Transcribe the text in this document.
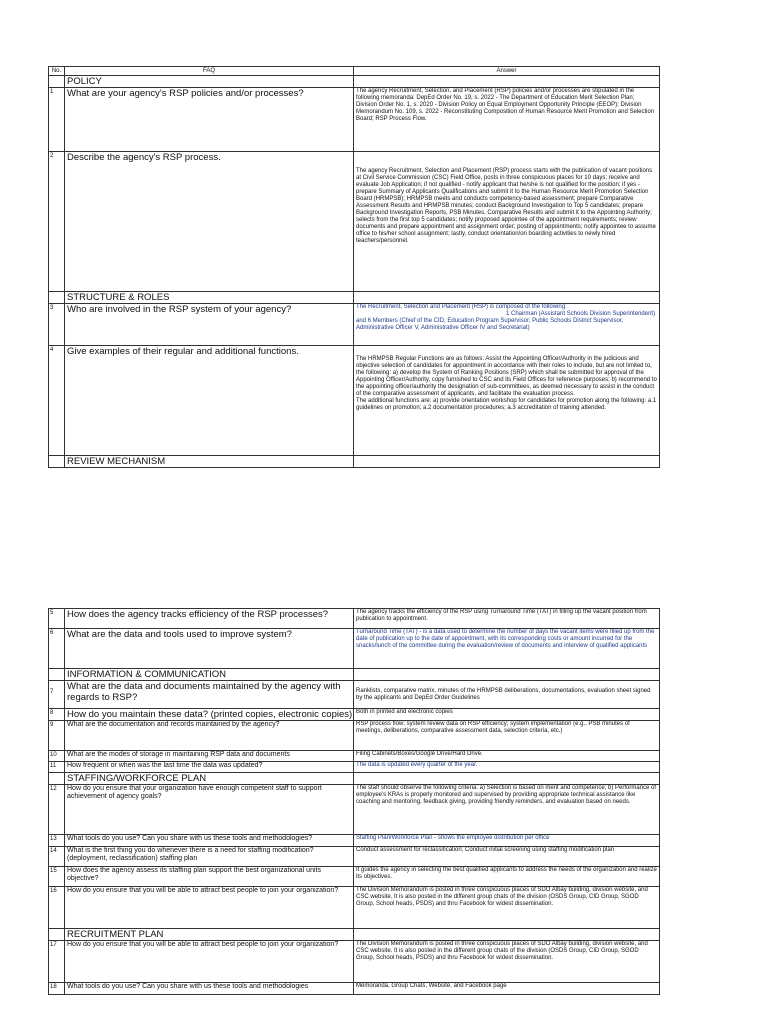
No.	FAQ	Answer
	POLICY	
1	What are your agency's RSP policies and/or processes?	The agency Recruitment, Selection, and Placement (RSP) policies and/or processes are stipulated in the following memoranda: DepEd Order No. 19, s. 2022 - The Department of Education Merit Selection Plan; Division Order No. 1, s. 2020 - Division Policy on Equal Employment Opportunity Principle (EEOP); Division Memorandum No. 109, s. 2022 - Reconstituting Composition of Human Resource Merit Promotion and Selection Board; RSP Process Flow.
2	Describe the agency's RSP process.	The agency Recruitment, Selection and Placement (RSP) process starts with the publication of vacant positions at Civil Service Commission (CSC) Field Office, posts in three conspicuous places for 10 days; receive and evaluate Job Application; if not qualified - notify applicant that he/she is not qualified for the position; if yes - prepare Summary of Applicants Qualifications and submit it to the Human Resource Merit Promotion Selection Board (HRMPSB); HRMPSB meets and conducts competency-based assessment; prepare Comparative Assessment Results and HRMPSB minutes; conduct Background Investigation to Top 5 candidates; prepare Background Investigation Reports, PSB Minutes, Comparative Results and submit it to the Appointing Authority; selects from the first top 5 candidates; notify proposed appointee of the appointment requirements; review documents and prepare appointment and assignment order; posting of appointments; notify appointee to assume office to his/her school assignment; lastly, conduct orientation/on boarding activities to newly hired teachers/personnel.
	STRUCTURE & ROLES	
3	Who are involved in the RSP system of your agency?	The Recruitment, Selection and Placement (RSP) is composed of the following:
1 Chairman (Assistant Schools Division Superintendent) and 6 Members (Chief of the CID, Education Program Supervisor, Public Schools District Supervisor, Administrative Officer V, Administrative Officer IV and Secretariat)

4	Give examples of their regular and additional functions.	The HRMPSB Regular Functions are as follows: Assist the Appointing Officer/Authority in the judicious and objective selection of candidates for appointment in accordance with their roles to include, but are not limited to, the following: a) develop the System of Ranking Positions (SRP) which shall be submitted for approval of the Appointing Officer/Authority, copy furnished to CSC and its Field Offices for reference purposes; b) recommend to the appointing officer/authority the designation of sub-committees, as deemed necessary to assist in the conduct of the comparative assessment of applicants, and facilitate the evaluation process.
The additional functions are: a) provide orientation workshop for candidates for promotion along the following: a.1 guidelines on promotion; a.2 documentation procedures; a.3 accreditation of training attended.

	REVIEW MECHANISM	
5	How does the agency tracks efficiency of the RSP processes?	The agency tracks the efficiency of the RSP using Turnaround Time (TAT) in filling up the vacant position from publication to appointment.
6	What are the data and tools used to improve system?	Turnaround Time (TAT) - is a data used to determine the number of days the vacant items were filled up from the date of publication up to the date of appointment, with its corresponding costs or amount incurred for the snacks/lunch of the committee during the evaluation/review of documents and interview of qualified applicants
	INFORMATION & COMMUNICATION	
7	What are the data and documents maintained by the agency with regards to RSP?	Ranklists, comparative matrix, minutes of the HRMPSB deliberations, documentations, evaluation sheet signed by the applicants and DepEd Order Guidelines
8	How do you maintain these data? (printed copies, electronic copies)	Both in printed and electronic copies
9	What are the documentation and records maintained by the agency?	RSP process flow; system review data on RSP efficiency; system implementation (e.g., PSB minutes of meetings, deliberations, comparative assessment data, selection criteria, etc.)
10	What are the modes of storage in maintaining RSP data and documents	Filing Cabinets/Boxes/Google Drive/Hard Drive.
11	How frequent or when was the last time the data was updated?	The data is updated every quarter of the year.
	STAFFING/WORKFORCE PLAN	
12	How do you ensure that your organization have enough competent staff to support achievement of agency goals?	The staff should observe the following criteria: a) Selection is based on merit and competence; b) Performance of employee's KRAs is properly monitored and supervised by providing appropriate technical assistance like coaching and mentoring, feedback giving, providing friendly reminders, and evaluation based on needs.
13	What tools do you use? Can you share with us these tools and methodologies?	Staffing Plan/Workforce Plan - shows the employee distribution per office
14	What is the first thing you do whenever there is a need for staffing modification? (deployment, reclassification) staffing plan	Conduct assessment for reclassification; Conduct initial screening using staffing modification plan
15	How does the agency assess its staffing plan support the best organizational units objective?	It guides the agency in selecting the best qualified applicants to address the needs of the organization and realize its objectives.
16	How do you ensure that you will be able to attract best people to join your organization?	The Division Memorandum is posted in three conspicuous places of SDO Albay building, division website, and CSC website. It is also posted in the different group chats of the division (OSDS Group, CID Group, SGOD Group, School heads, PSDS) and thru Facebook for widest dissemination.
	RECRUITMENT PLAN	
17	How do you ensure that you will be able to attract best people to join your organization?	The Division Memorandum is posted in three conspicuous places of SDO Albay building, division website, and CSC website. It is also posted in the different group chats of the division (OSDS Group, CID Group, SGOD Group, School heads, PSDS) and thru Facebook for widest dissemination.
18	What tools do you use? Can you share with us these tools and methodologies	Memoranda, Group Chats, Website, and Facebook page
